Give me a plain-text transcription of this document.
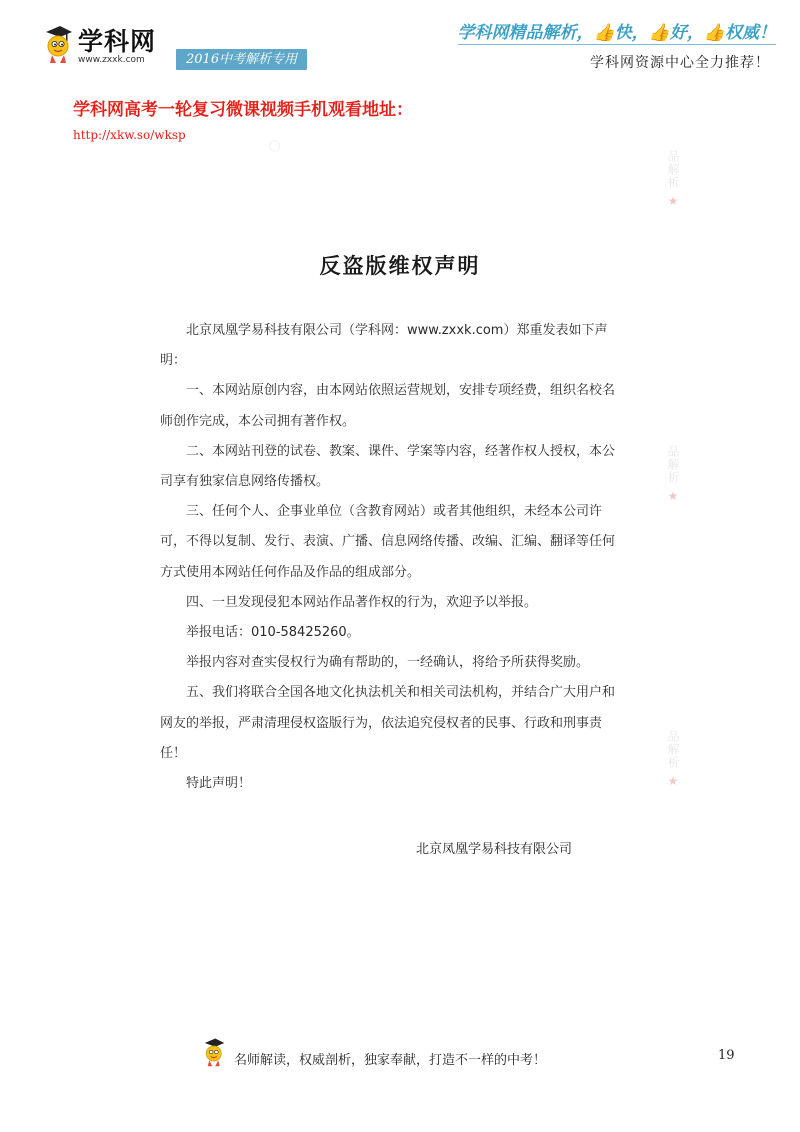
学科网
www.zxxk.com	2016中考解析专用
学科网精品解析，👍快，👍好，👍权威！
学科网资源中心全力推荐！
学科网高考一轮复习微课视频手机观看地址：
http://xkw.so/wksp
〇
品解析 ★
品解析 ★
品解析 ★
反盗版维权声明

北京凤凰学易科技有限公司（学科网：www.zxxk.com）郑重发表如下声明：

一、本网站原创内容，由本网站依照运营规划，安排专项经费，组织名校名师创作完成，本公司拥有著作权。

二、本网站刊登的试卷、教案、课件、学案等内容，经著作权人授权，本公司享有独家信息网络传播权。

三、任何个人、企事业单位（含教育网站）或者其他组织，未经本公司许可，不得以复制、发行、表演、广播、信息网络传播、改编、汇编、翻译等任何方式使用本网站任何作品及作品的组成部分。

四、一旦发现侵犯本网站作品著作权的行为，欢迎予以举报。

举报电话：010-58425260。

举报内容对查实侵权行为确有帮助的，一经确认，将给予所获得奖励。

五、我们将联合全国各地文化执法机关和相关司法机构，并结合广大用户和网友的举报，严肃清理侵权盗版行为，依法追究侵权者的民事、行政和刑事责任！

特此声明！

北京凤凰学易科技有限公司
名师解读，权威剖析，独家奉献，打造不一样的中考！	19
